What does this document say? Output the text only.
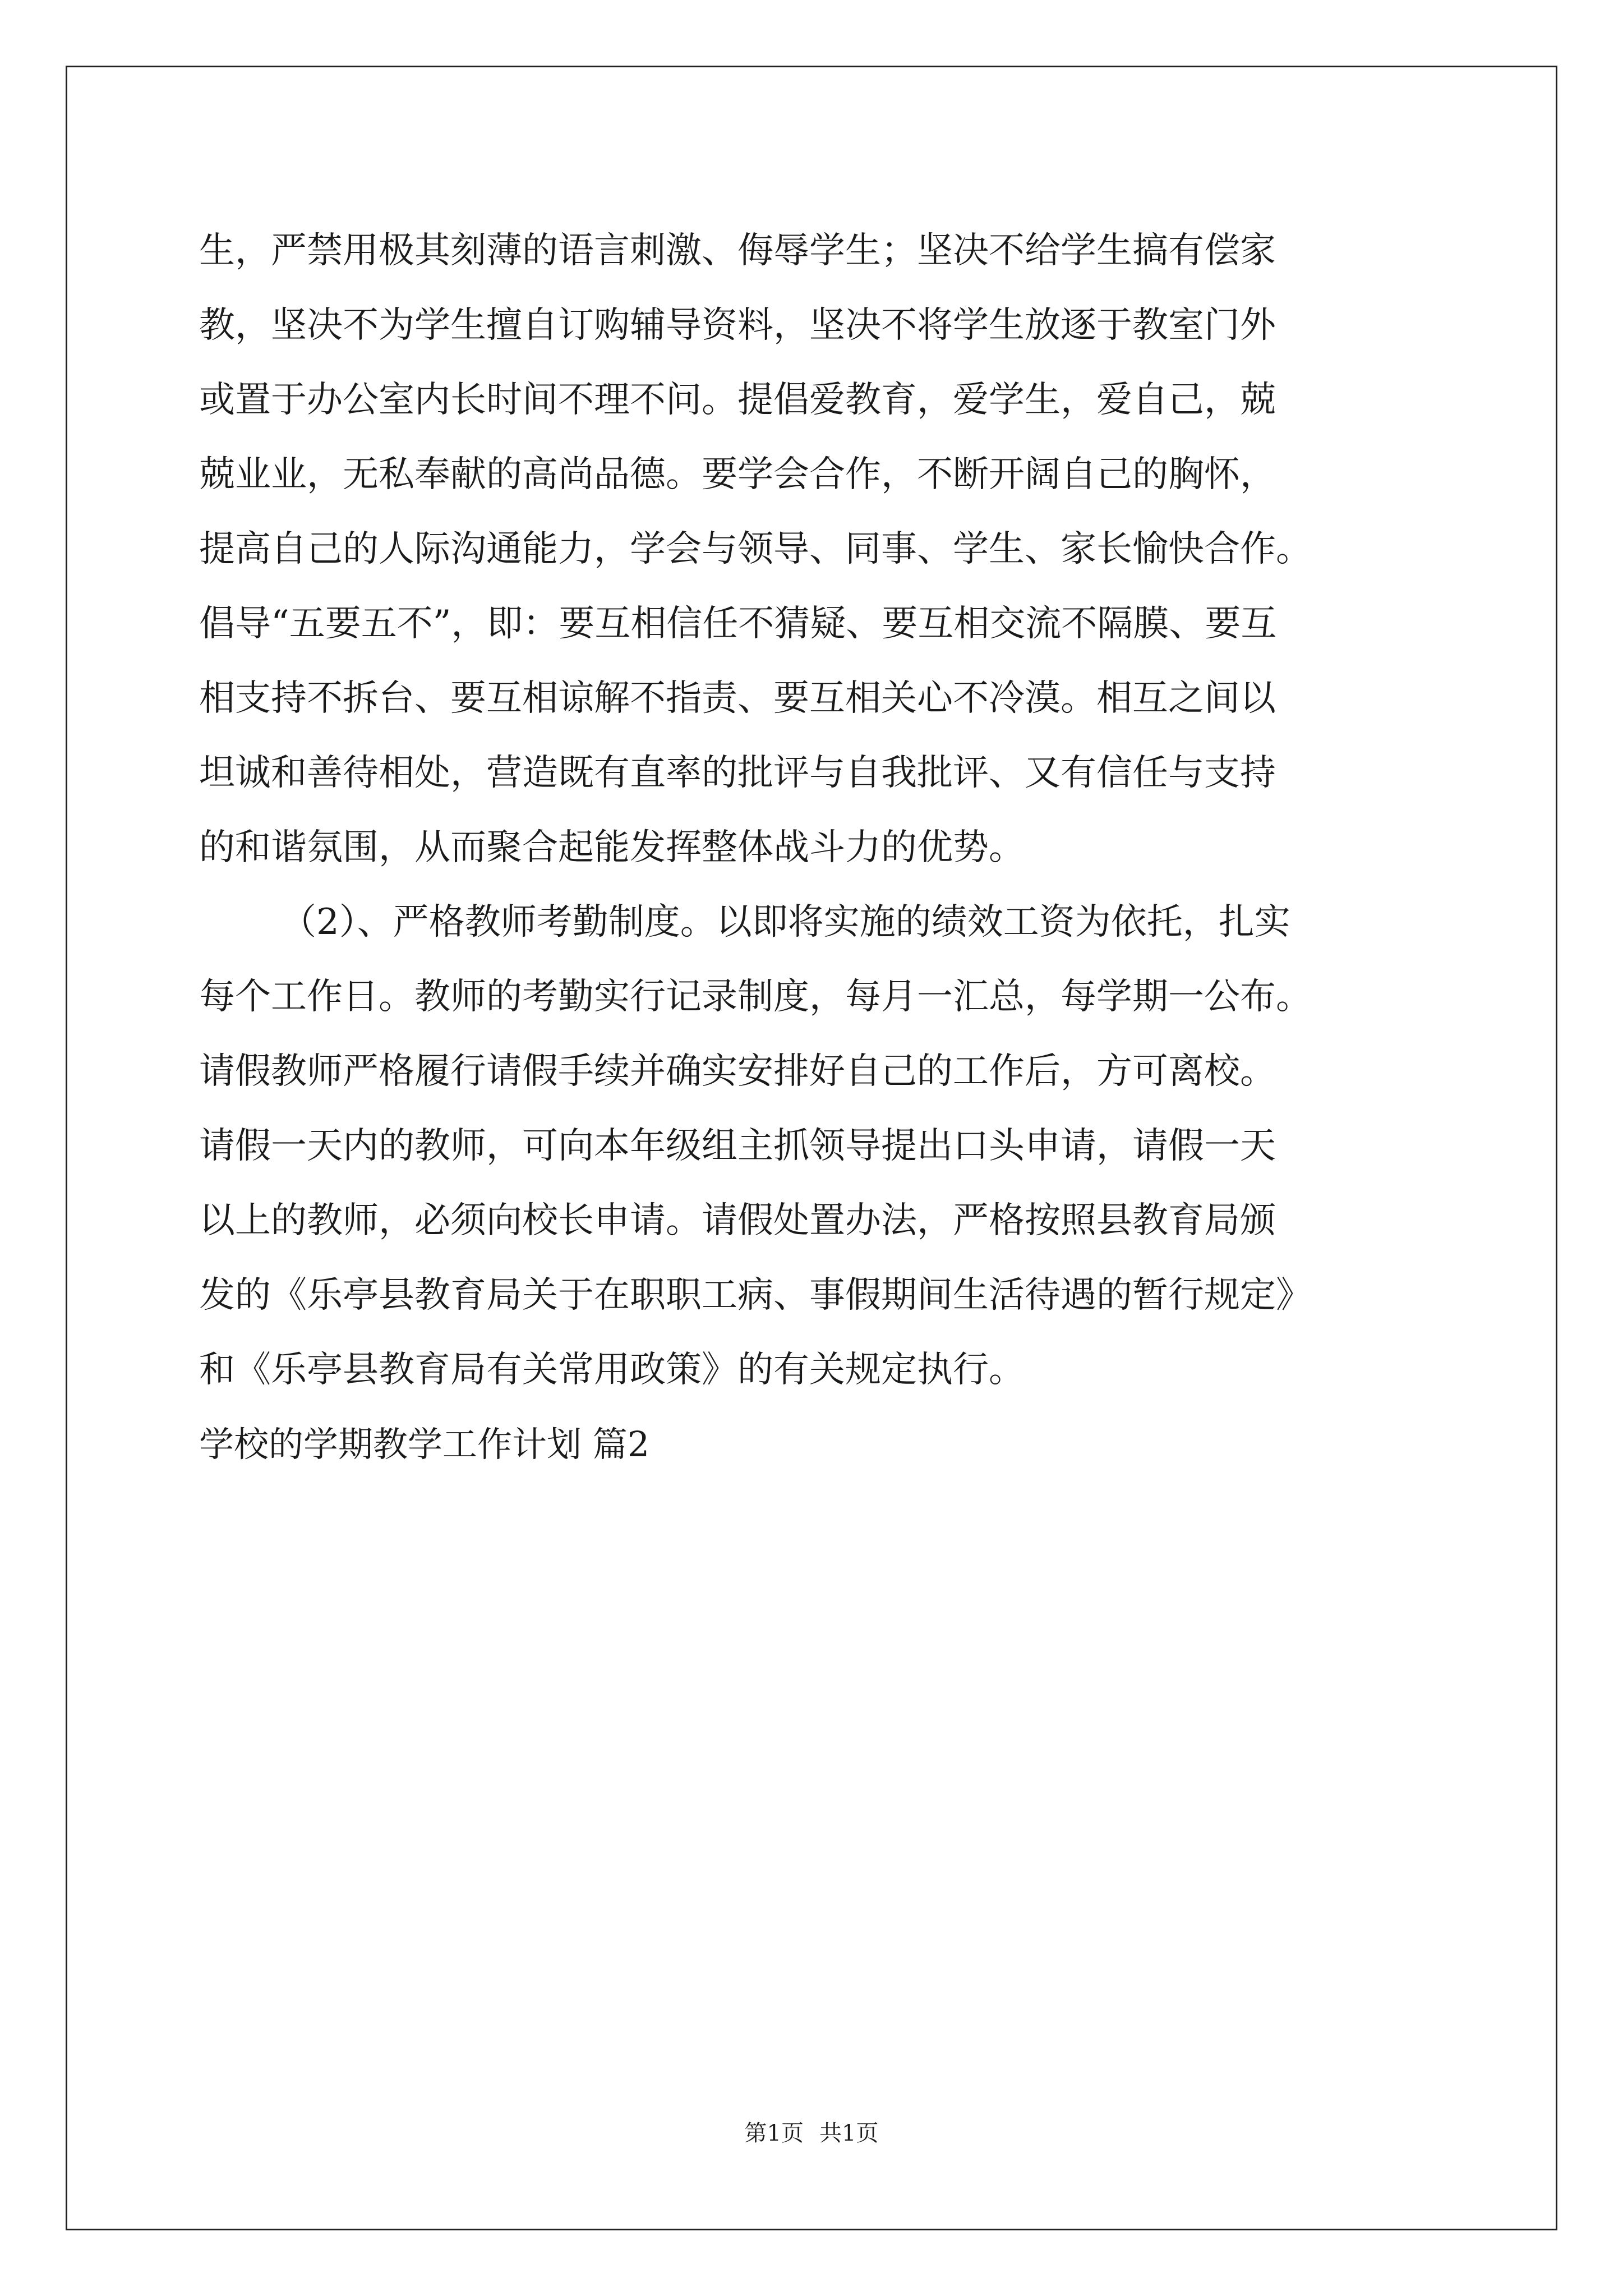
生，严禁用极其刻薄的语言刺激、侮辱学生；坚决不给学生搞有偿家
教，坚决不为学生擅自订购辅导资料，坚决不将学生放逐于教室门外
或置于办公室内长时间不理不问。提倡爱教育，爱学生，爱自己，兢
兢业业，无私奉献的高尚品德。要学会合作，不断开阔自己的胸怀，
提高自己的人际沟通能力，学会与领导、同事、学生、家长愉快合作。
倡导“五要五不”，即：要互相信任不猜疑、要互相交流不隔膜、要互
相支持不拆台、要互相谅解不指责、要互相关心不冷漠。相互之间以
坦诚和善待相处，营造既有直率的批评与自我批评、又有信任与支持
的和谐氛围，从而聚合起能发挥整体战斗力的优势。
（2）、严格教师考勤制度。以即将实施的绩效工资为依托，扎实
每个工作日。教师的考勤实行记录制度，每月一汇总，每学期一公布。
请假教师严格履行请假手续并确实安排好自己的工作后，方可离校。
请假一天内的教师，可向本年级组主抓领导提出口头申请，请假一天
以上的教师，必须向校长申请。请假处置办法，严格按照县教育局颁
发的《乐亭县教育局关于在职职工病、事假期间生活待遇的暂行规定》
和《乐亭县教育局有关常用政策》的有关规定执行。
学校的学期教学工作计划 篇2
第1页 共1页
